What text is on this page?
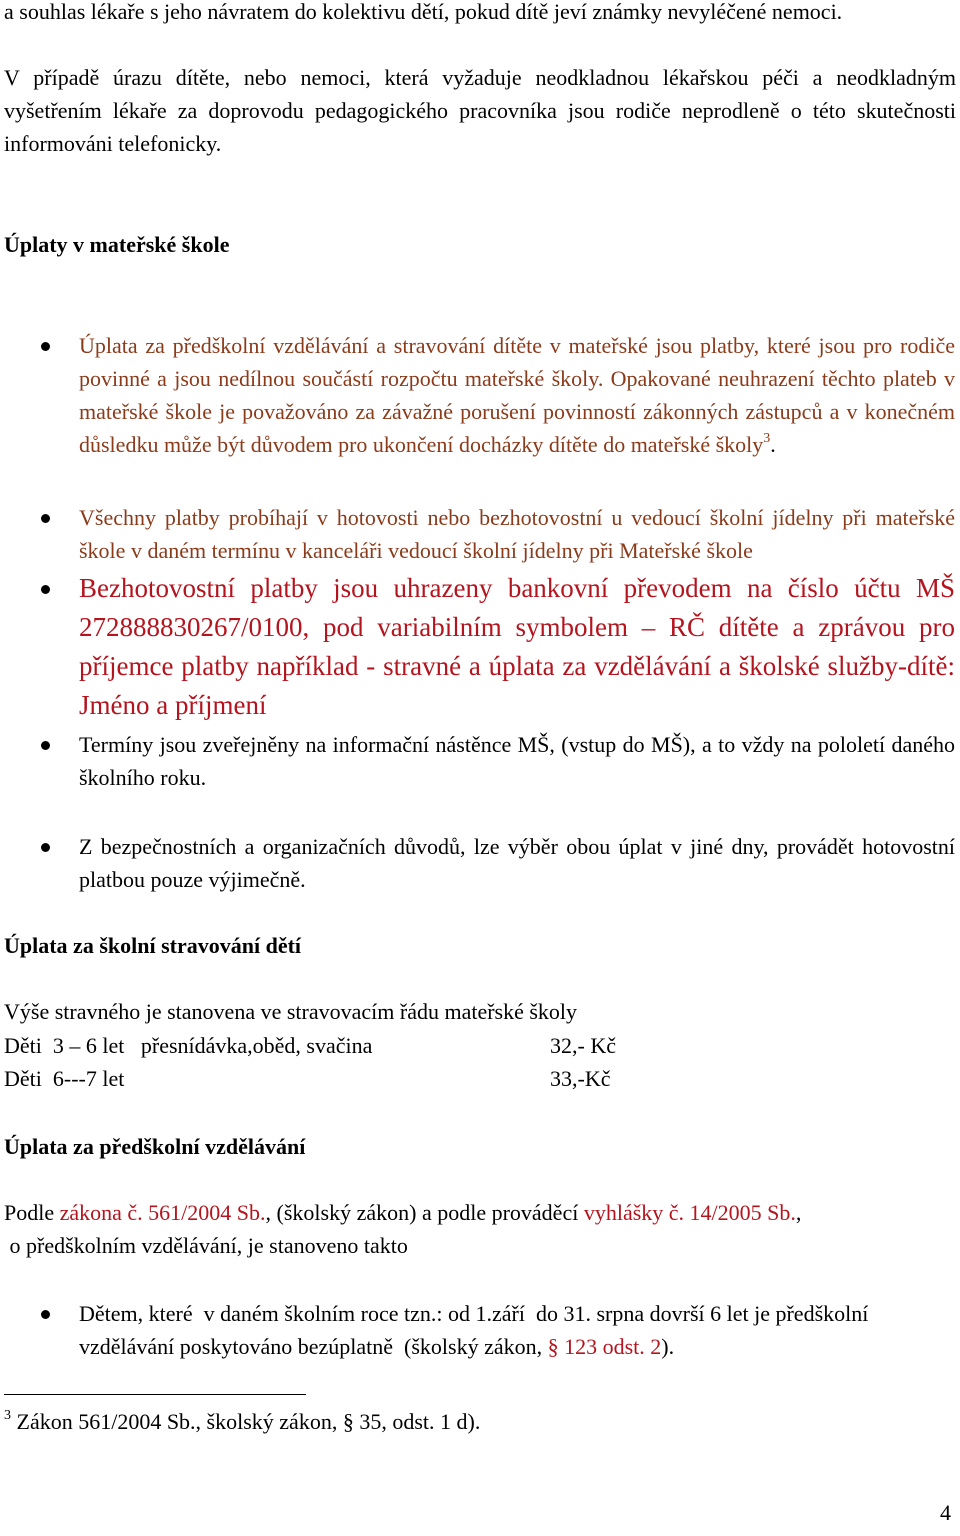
a souhlas lékaře s jeho návratem do kolektivu dětí, pokud dítě jeví známky nevyléčené nemoci.
V případě úrazu dítěte, nebo nemoci, která vyžaduje neodkladnou lékařskou péči a neodkladným vyšetřením lékaře za doprovodu pedagogického pracovníka jsou rodiče neprodleně o této skutečnosti informováni telefonicky.
Úplaty v mateřské škole
Úplata za předškolní vzdělávání a stravování dítěte v mateřské jsou platby, které jsou pro rodiče povinné a jsou nedílnou součástí rozpočtu mateřské školy. Opakované neuhrazení těchto plateb v mateřské škole je považováno za závažné porušení povinností zákonných zástupců a v konečném důsledku může být důvodem pro ukončení docházky dítěte do mateřské školy$^3$.
Všechny platby probíhají v hotovosti nebo bezhotovostní u vedoucí školní jídelny při mateřské škole v daném termínu v kanceláři vedoucí školní jídelny při Mateřské škole
Bezhotovostní platby jsou uhrazeny bankovní převodem na číslo účtu MŠ 272888830267/0100, pod variabilním symbolem – RČ dítěte a zprávou pro příjemce platby například - stravné a úplata za vzdělávání a školské služby-dítě: Jméno a příjmení
Termíny jsou zveřejněny na informační nástěnce MŠ, (vstup do MŠ), a to vždy na pololetí daného školního roku.
Z bezpečnostních a organizačních důvodů, lze výběr obou úplat v jiné dny, provádět hotovostní platbou pouze výjimečně.
Úplata za školní stravování dětí
Výše stravného je stanovena ve stravovacím řádu mateřské školy
Děti  3 – 6 let   přesnídávka,oběd, svačina	32,- Kč
Děti  6---7 let	33,-Kč
Úplata za předškolní vzdělávání
Podle zákona č. 561/2004 Sb., (školský zákon) a podle prováděcí vyhlášky č. 14/2005 Sb.,
o předškolním vzdělávání, je stanoveno takto
Dětem, které  v daném školním roce tzn.: od 1.září  do 31. srpna dovrší 6 let je předškolní vzdělávání poskytováno bezúplatně  (školský zákon, § 123 odst. 2).
$^3$ Zákon 561/2004 Sb., školský zákon, § 35, odst. 1 d).
4
